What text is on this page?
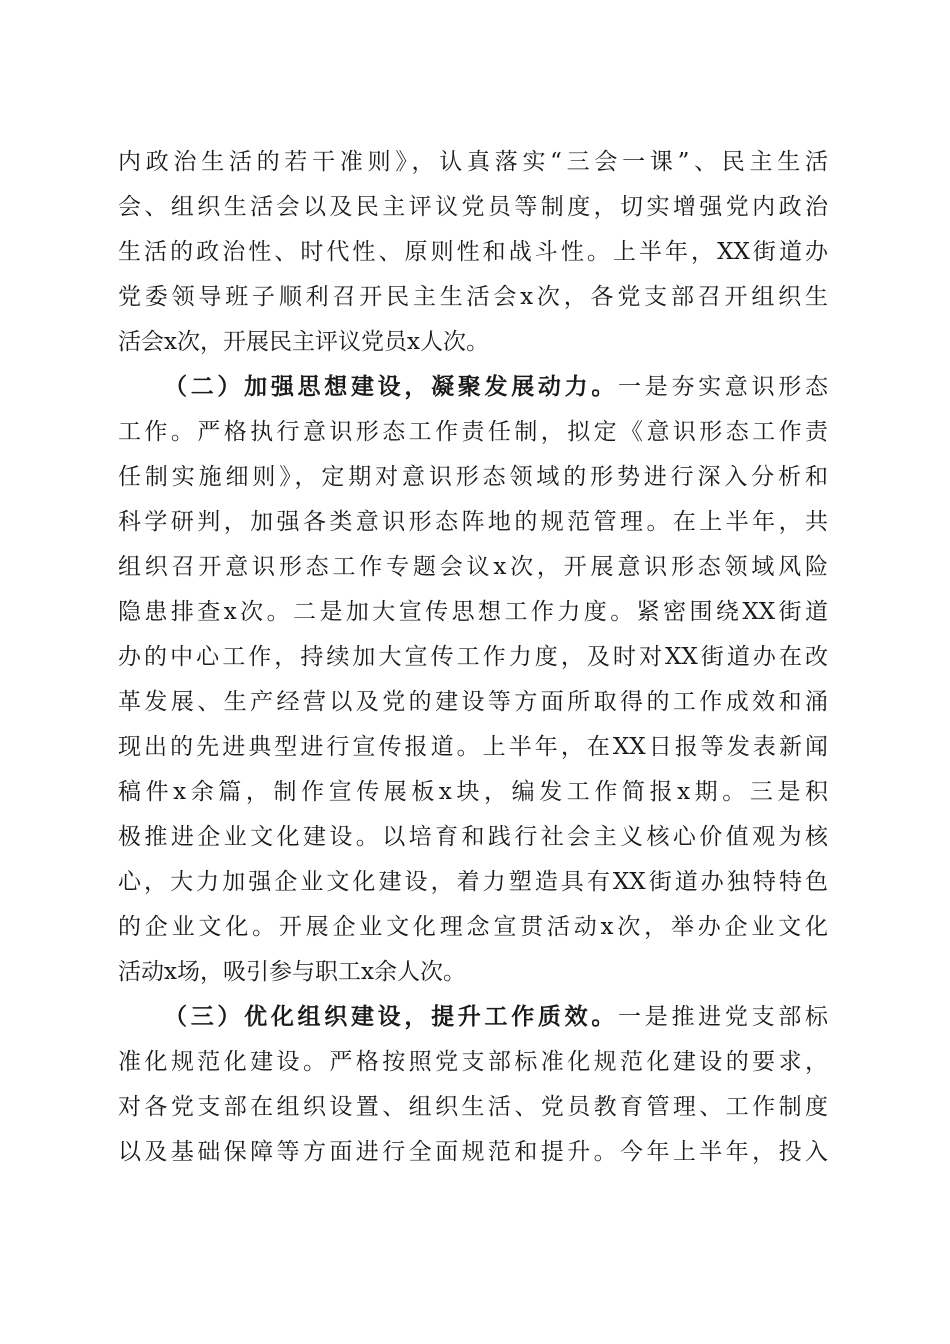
内政治生活的若干准则》，认真落实“三会一课”、民主生活
会、组织生活会以及民主评议党员等制度，切实增强党内政治
生活的政治性、时代性、原则性和战斗性。上半年，XX街道办
党委领导班子顺利召开民主生活会x次，各党支部召开组织生
活会x次，开展民主评议党员x人次。
（二）加强思想建设，凝聚发展动力。一是夯实意识形态
工作。严格执行意识形态工作责任制，拟定《意识形态工作责
任制实施细则》，定期对意识形态领域的形势进行深入分析和
科学研判，加强各类意识形态阵地的规范管理。在上半年，共
组织召开意识形态工作专题会议x次，开展意识形态领域风险
隐患排查x次。二是加大宣传思想工作力度。紧密围绕XX街道
办的中心工作，持续加大宣传工作力度，及时对XX街道办在改
革发展、生产经营以及党的建设等方面所取得的工作成效和涌
现出的先进典型进行宣传报道。上半年，在XX日报等发表新闻
稿件x余篇，制作宣传展板x块，编发工作简报x期。三是积
极推进企业文化建设。以培育和践行社会主义核心价值观为核
心，大力加强企业文化建设，着力塑造具有XX街道办独特特色
的企业文化。开展企业文化理念宣贯活动x次，举办企业文化
活动x场，吸引参与职工x余人次。
（三）优化组织建设，提升工作质效。一是推进党支部标
准化规范化建设。严格按照党支部标准化规范化建设的要求，
对各党支部在组织设置、组织生活、党员教育管理、工作制度
以及基础保障等方面进行全面规范和提升。今年上半年，投入
